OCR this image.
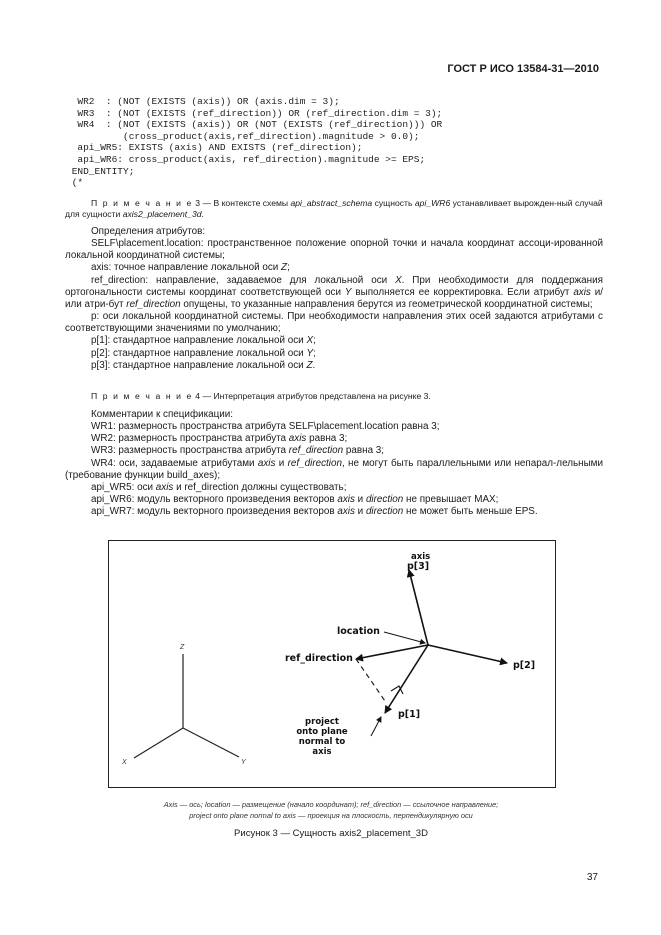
ГОСТ Р ИСО 13584-31—2010
WR2  : (NOT (EXISTS (axis)) OR (axis.dim = 3);
WR3  : (NOT (EXISTS (ref_direction)) OR (ref_direction.dim = 3);
WR4  : (NOT (EXISTS (axis)) OR (NOT (EXISTS (ref_direction))) OR
(cross_product(axis,ref_direction).magnitude > 0.0);
api_WR5: EXISTS (axis) AND EXISTS (ref_direction);
api_WR6: cross_product(axis, ref_direction).magnitude >= EPS;
END_ENTITY;
(*
П р и м е ч а н и е 3 — В контексте схемы api_abstract_schema сущность api_WR6 устанавливает вырожден-ный случай для сущности axis2_placement_3d.

Определения атрибутов:

SELF\placement.location: пространственное положение опорной точки и начала координат ассоци-ированной локальной координатной системы;

axis: точное направление локальной оси Z;

ref_direction: направление, задаваемое для локальной оси X. При необходимости для поддержания ортогональности системы координат соответствующей оси Y выполняется ее корректировка. Если атрибут axis и/или атри-бут ref_direction опущены, то указанные направления берутся из геометрической координатной системы;

p: оси локальной координатной системы. При необходимости направления этих осей задаются атрибутами с соответствующими значениями по умолчанию;

p[1]: стандартное направление локальной оси X;

p[2]: стандартное направление локальной оси Y;

p[3]: стандартное направление локальной оси Z.

П р и м е ч а н и е 4 — Интерпретация атрибутов представлена на рисунке 3.

Комментарии к спецификации:

WR1: размерность пространства атрибута SELF\placement.location равна 3;

WR2: размерность пространства атрибута axis равна 3;

WR3: размерность пространства атрибута ref_direction равна 3;

WR4: оси, задаваемые атрибутами axis и ref_direction, не могут быть параллельными или непарал-лельными (требование функции build_axes);

api_WR5: оси axis и ref_direction должны существовать;

api_WR6: модуль векторного произведения векторов axis и direction не превышает MAX;

api_WR7: модуль векторного произведения векторов axis и direction не может быть меньше EPS.

axis
p[3]
location
ref_direction
p[2]
p[1]
project
onto plane
normal to
axis
Z
X	Y
Axis — ось; location — размещение (начало координат); ref_direction — ссылочное направление;
project onto plane normal to axis — проекция на плоскость, перпендикулярную оси
Рисунок 3 — Сущность axis2_placement_3D
37
